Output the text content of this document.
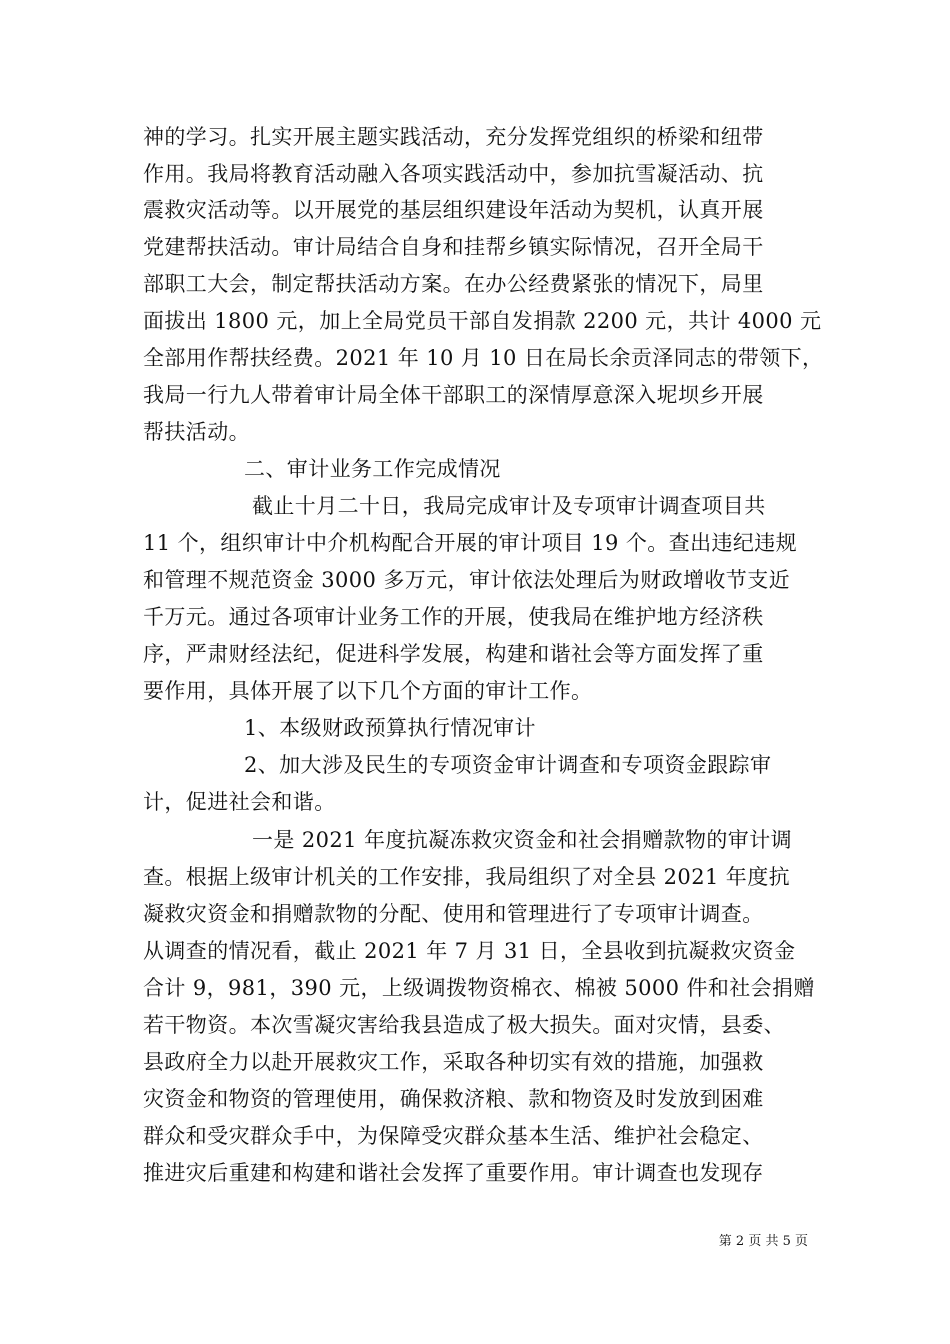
神的学习。扎实开展主题实践活动，充分发挥党组织的桥梁和纽带
作用。我局将教育活动融入各项实践活动中，参加抗雪凝活动、抗
震救灾活动等。以开展党的基层组织建设年活动为契机，认真开展
党建帮扶活动。审计局结合自身和挂帮乡镇实际情况，召开全局干
部职工大会，制定帮扶活动方案。在办公经费紧张的情况下，局里
面拔出 1800 元，加上全局党员干部自发捐款 2200 元，共计 4000 元
全部用作帮扶经费。2021 年 10 月 10 日在局长余贡泽同志的带领下，
我局一行九人带着审计局全体干部职工的深情厚意深入坭坝乡开展
帮扶活动。
二、审计业务工作完成情况
截止十月二十日，我局完成审计及专项审计调查项目共
11 个，组织审计中介机构配合开展的审计项目 19 个。查出违纪违规
和管理不规范资金 3000 多万元，审计依法处理后为财政增收节支近
千万元。通过各项审计业务工作的开展，使我局在维护地方经济秩
序，严肃财经法纪，促进科学发展，构建和谐社会等方面发挥了重
要作用，具体开展了以下几个方面的审计工作。
1、本级财政预算执行情况审计
2、加大涉及民生的专项资金审计调查和专项资金跟踪审
计，促进社会和谐。
一是 2021 年度抗凝冻救灾资金和社会捐赠款物的审计调
查。根据上级审计机关的工作安排，我局组织了对全县 2021 年度抗
凝救灾资金和捐赠款物的分配、使用和管理进行了专项审计调查。
从调查的情况看，截止 2021 年 7 月 31 日，全县收到抗凝救灾资金
合计 9，981，390 元，上级调拨物资棉衣、棉被 5000 件和社会捐赠
若干物资。本次雪凝灾害给我县造成了极大损失。面对灾情，县委、
县政府全力以赴开展救灾工作，采取各种切实有效的措施，加强救
灾资金和物资的管理使用，确保救济粮、款和物资及时发放到困难
群众和受灾群众手中，为保障受灾群众基本生活、维护社会稳定、
推进灾后重建和构建和谐社会发挥了重要作用。审计调查也发现存
第 2 页 共 5 页
